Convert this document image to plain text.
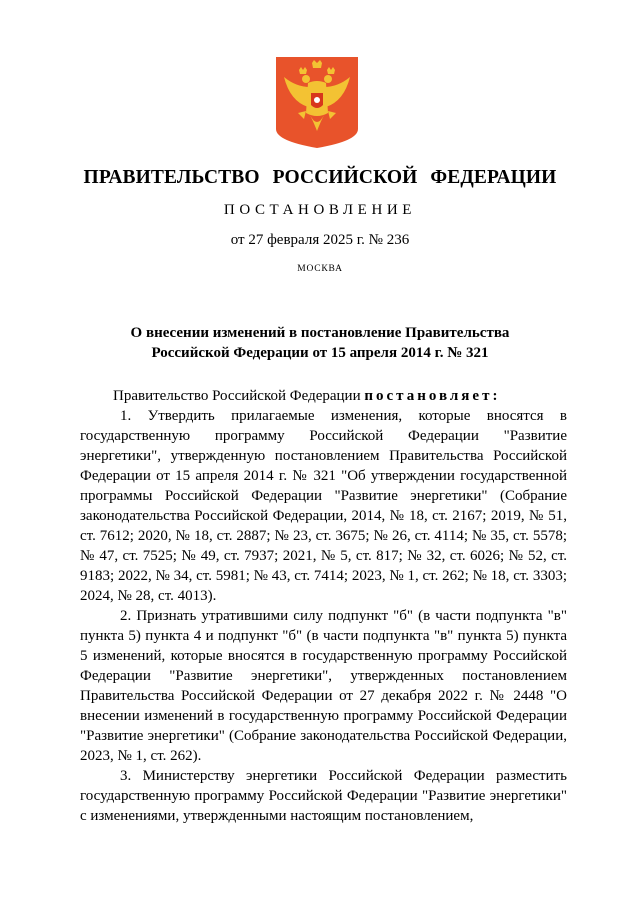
ПРАВИТЕЛЬСТВО РОССИЙСКОЙ ФЕДЕРАЦИИ
ПОСТАНОВЛЕНИЕ
от 27 февраля 2025 г. № 236
МОСКВА
О внесении изменений в постановление Правительства
Российской Федерации от 15 апреля 2014 г. № 321

Правительство Российской Федерации постановляет:

1. Утвердить прилагаемые изменения, которые вносятся в государственную программу Российской Федерации "Развитие энергетики", утвержденную постановлением Правительства Российской Федерации от 15 апреля 2014 г. № 321 "Об утверждении государственной программы Российской Федерации "Развитие энергетики" (Собрание законодательства Российской Федерации, 2014, № 18, ст. 2167; 2019, № 51, ст. 7612; 2020, № 18, ст. 2887; № 23, ст. 3675; № 26, ст. 4114; № 35, ст. 5578; № 47, ст. 7525; № 49, ст. 7937; 2021, № 5, ст. 817; № 32, ст. 6026; № 52, ст. 9183; 2022, № 34, ст. 5981; № 43, ст. 7414; 2023, № 1, ст. 262; № 18, ст. 3303; 2024, № 28, ст. 4013).

2. Признать утратившими силу подпункт "б" (в части подпункта "в" пункта 5) пункта 4 и подпункт "б" (в части подпункта "в" пункта 5) пункта 5 изменений, которые вносятся в государственную программу Российской Федерации "Развитие энергетики", утвержденных постановлением Правительства Российской Федерации от 27 декабря 2022 г. № 2448 "О внесении изменений в государственную программу Российской Федерации "Развитие энергетики" (Собрание законодательства Российской Федерации, 2023, № 1, ст. 262).

3. Министерству энергетики Российской Федерации разместить государственную программу Российской Федерации "Развитие энергетики" с изменениями, утвержденными настоящим постановлением,
